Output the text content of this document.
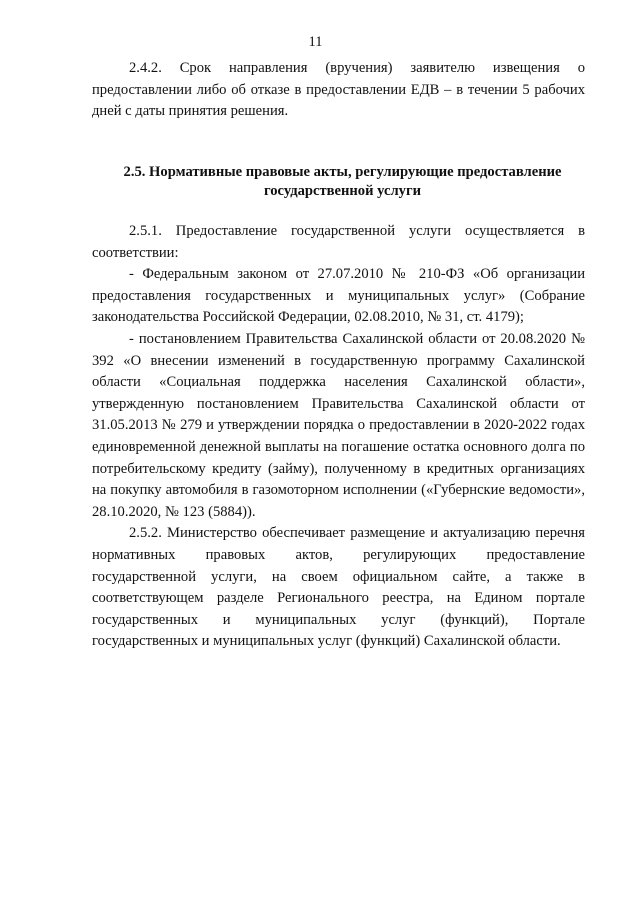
11

2.4.2. Срок направления (вручения) заявителю извещения о предоставлении либо об отказе в предоставлении ЕДВ – в течении 5 рабочих дней с даты принятия решения.

2.5. Нормативные правовые акты, регулирующие предоставление
государственной услуги

2.5.1. Предоставление государственной услуги осуществляется в соответствии:

- Федеральным законом от 27.07.2010 № 210-ФЗ «Об организации предоставления государственных и муниципальных услуг» (Собрание законодательства Российской Федерации, 02.08.2010, № 31, ст. 4179);

- постановлением Правительства Сахалинской области от 20.08.2020 № 392 «О внесении изменений в государственную программу Сахалинской области «Социальная поддержка населения Сахалинской области», утвержденную постановлением Правительства Сахалинской области от 31.05.2013 № 279 и утверждении порядка о предоставлении в 2020-2022 годах единовременной денежной выплаты на погашение остатка основного долга по потребительскому кредиту (займу), полученному в кредитных организациях на покупку автомобиля в газомоторном исполнении («Губернские ведомости», 28.10.2020, № 123 (5884)).

2.5.2. Министерство обеспечивает размещение и актуализацию перечня нормативных правовых актов, регулирующих предоставление государственной услуги, на своем официальном сайте, а также в соответствующем разделе Регионального реестра, на Едином портале государственных и муниципальных услуг (функций), Портале государственных и муниципальных услуг (функций) Сахалинской области.
